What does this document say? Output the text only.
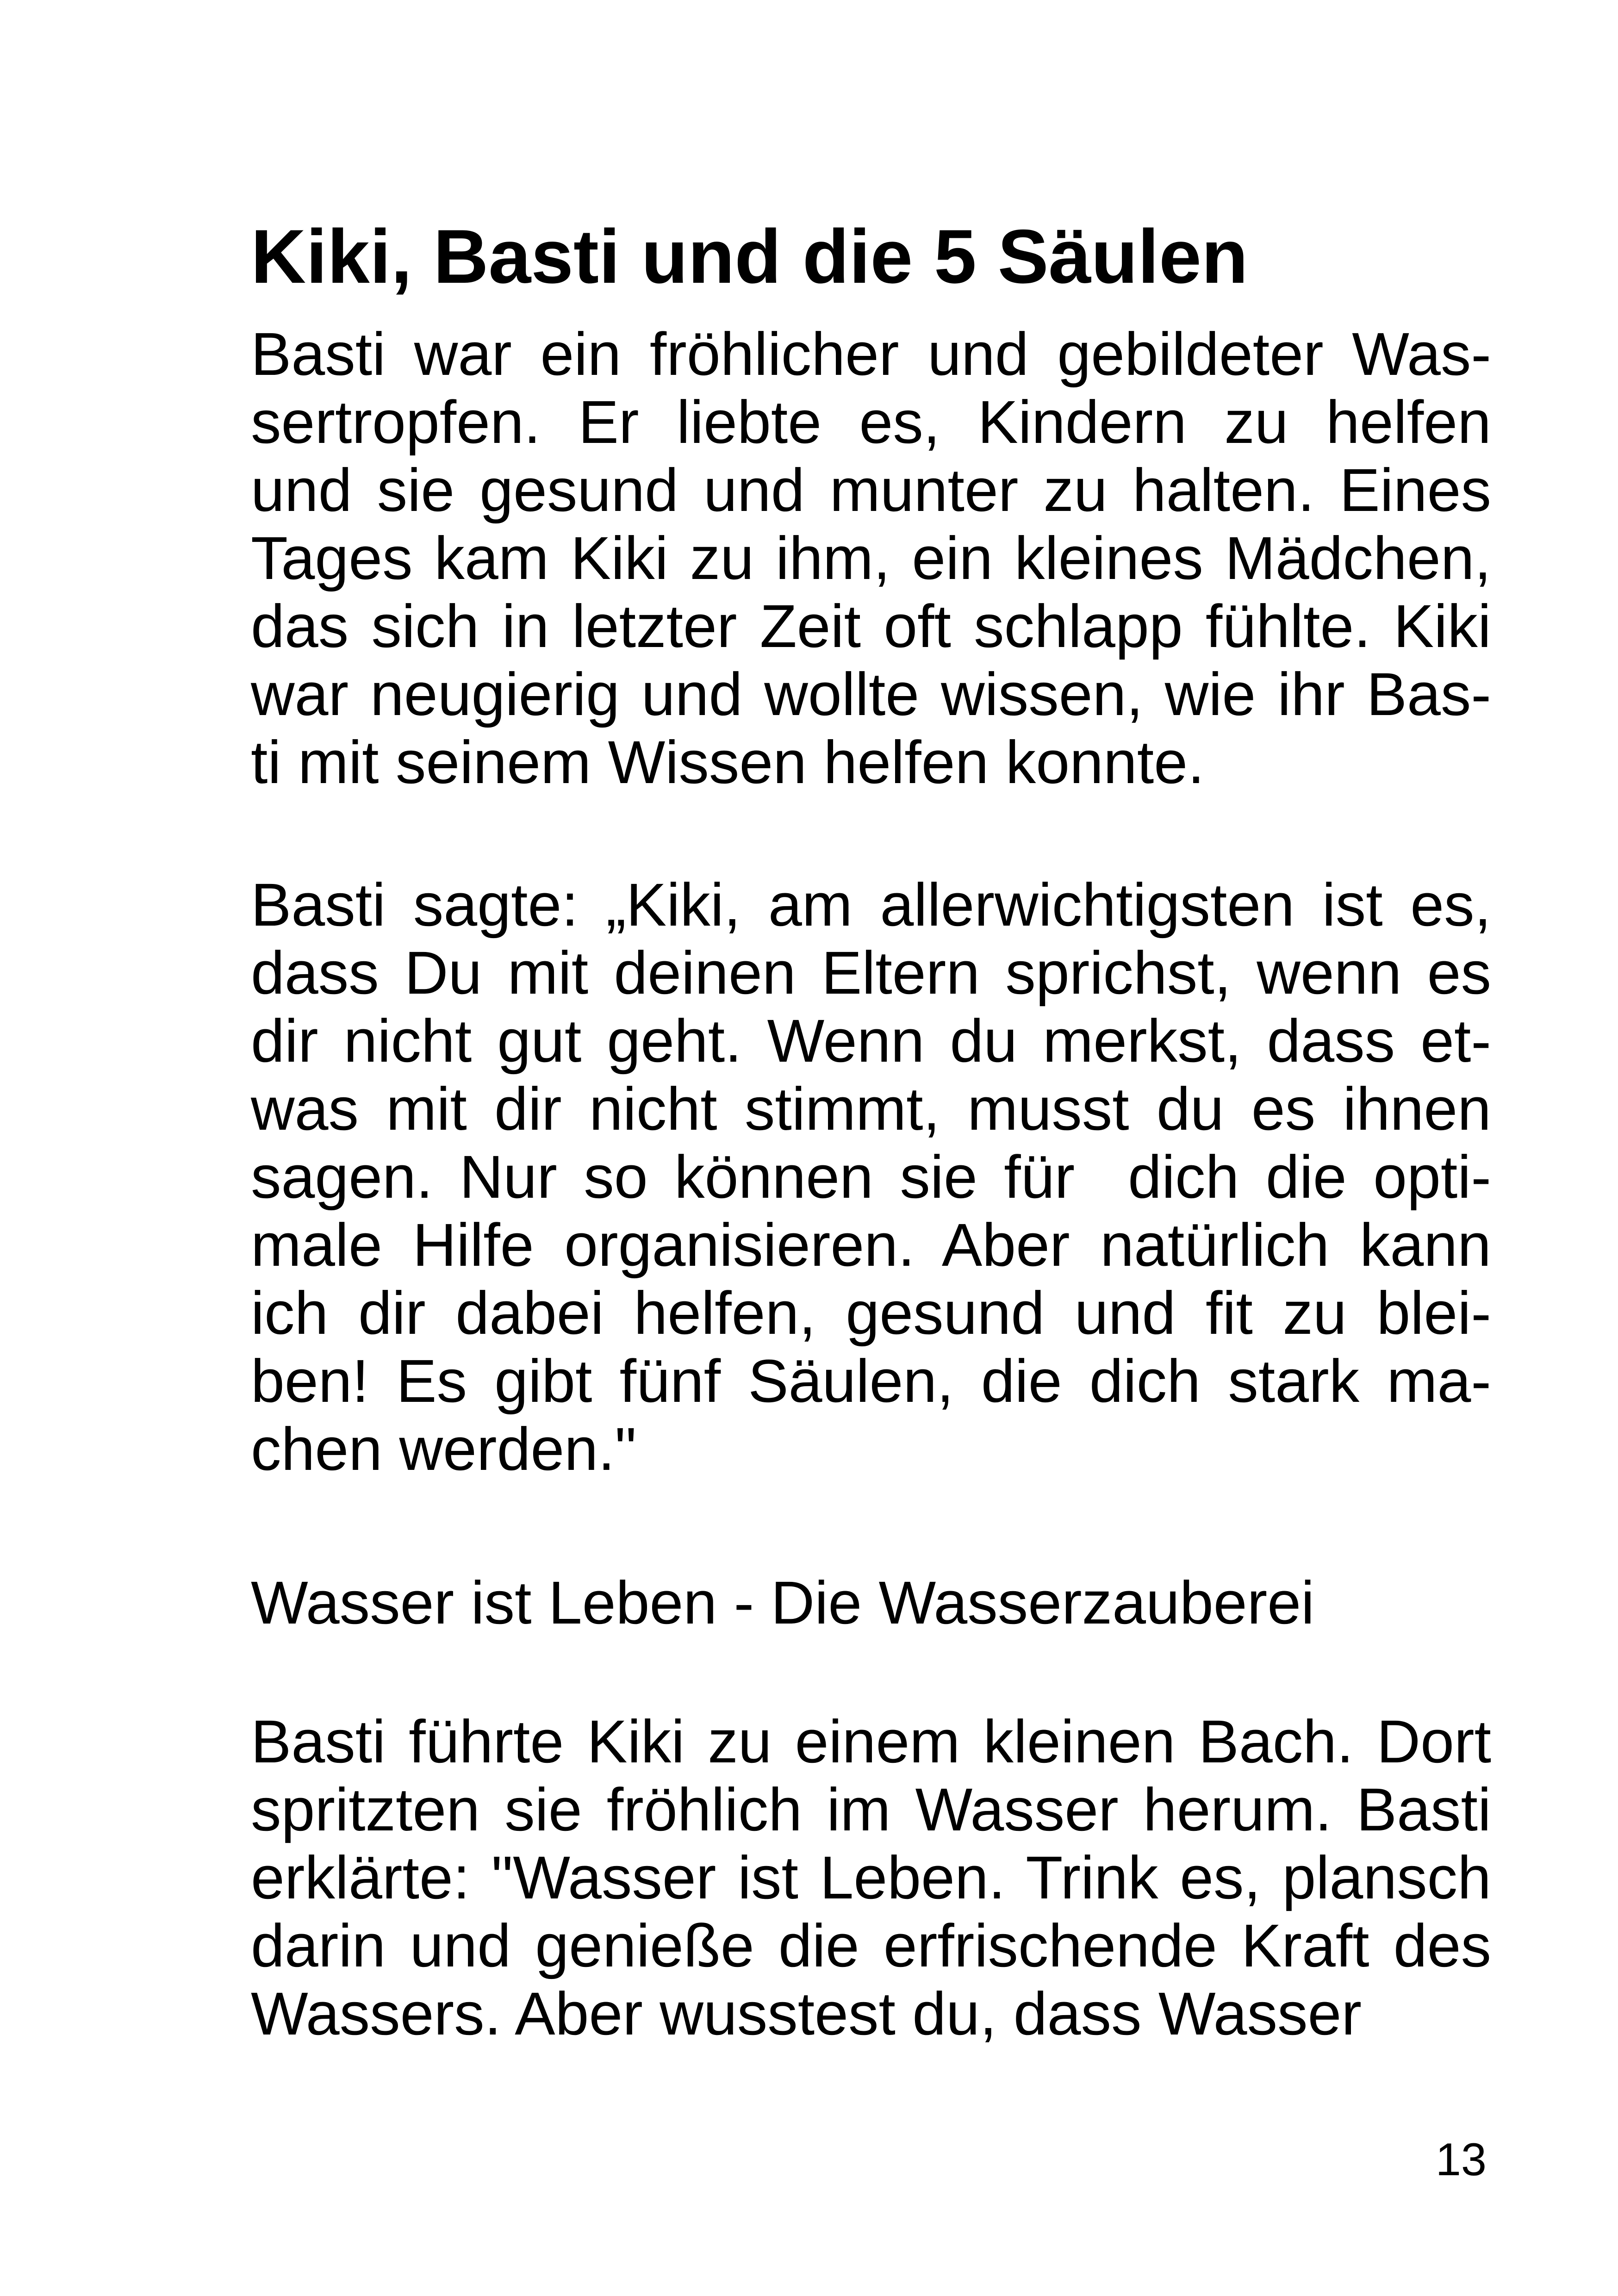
Kiki, Basti und die 5 Säulen
Basti war ein fröhlicher und gebildeter Was-
sertropfen. Er liebte es, Kindern zu helfen
und sie gesund und munter zu halten. Eines
Tages kam Kiki zu ihm, ein kleines Mädchen,
das sich in letzter Zeit oft schlapp fühlte. Kiki
war neugierig und wollte wissen, wie ihr Bas-
ti mit seinem Wissen helfen konnte.
Basti sagte: „Kiki, am allerwichtigsten ist es,
dass Du mit deinen Eltern sprichst, wenn es
dir nicht gut geht. Wenn du merkst, dass et-
was mit dir nicht stimmt, musst du es ihnen
sagen. Nur so können sie für  dich die opti-
male Hilfe organisieren. Aber natürlich kann
ich dir dabei helfen, gesund und fit zu blei-
ben! Es gibt fünf Säulen, die dich stark ma-
chen werden."
Wasser ist Leben - Die Wasserzauberei
Basti führte Kiki zu einem kleinen Bach. Dort
spritzten sie fröhlich im Wasser herum. Basti
erklärte: "Wasser ist Leben. Trink es, plansch
darin und genieße die erfrischende Kraft des
Wassers. Aber wusstest du, dass Wasser
13
